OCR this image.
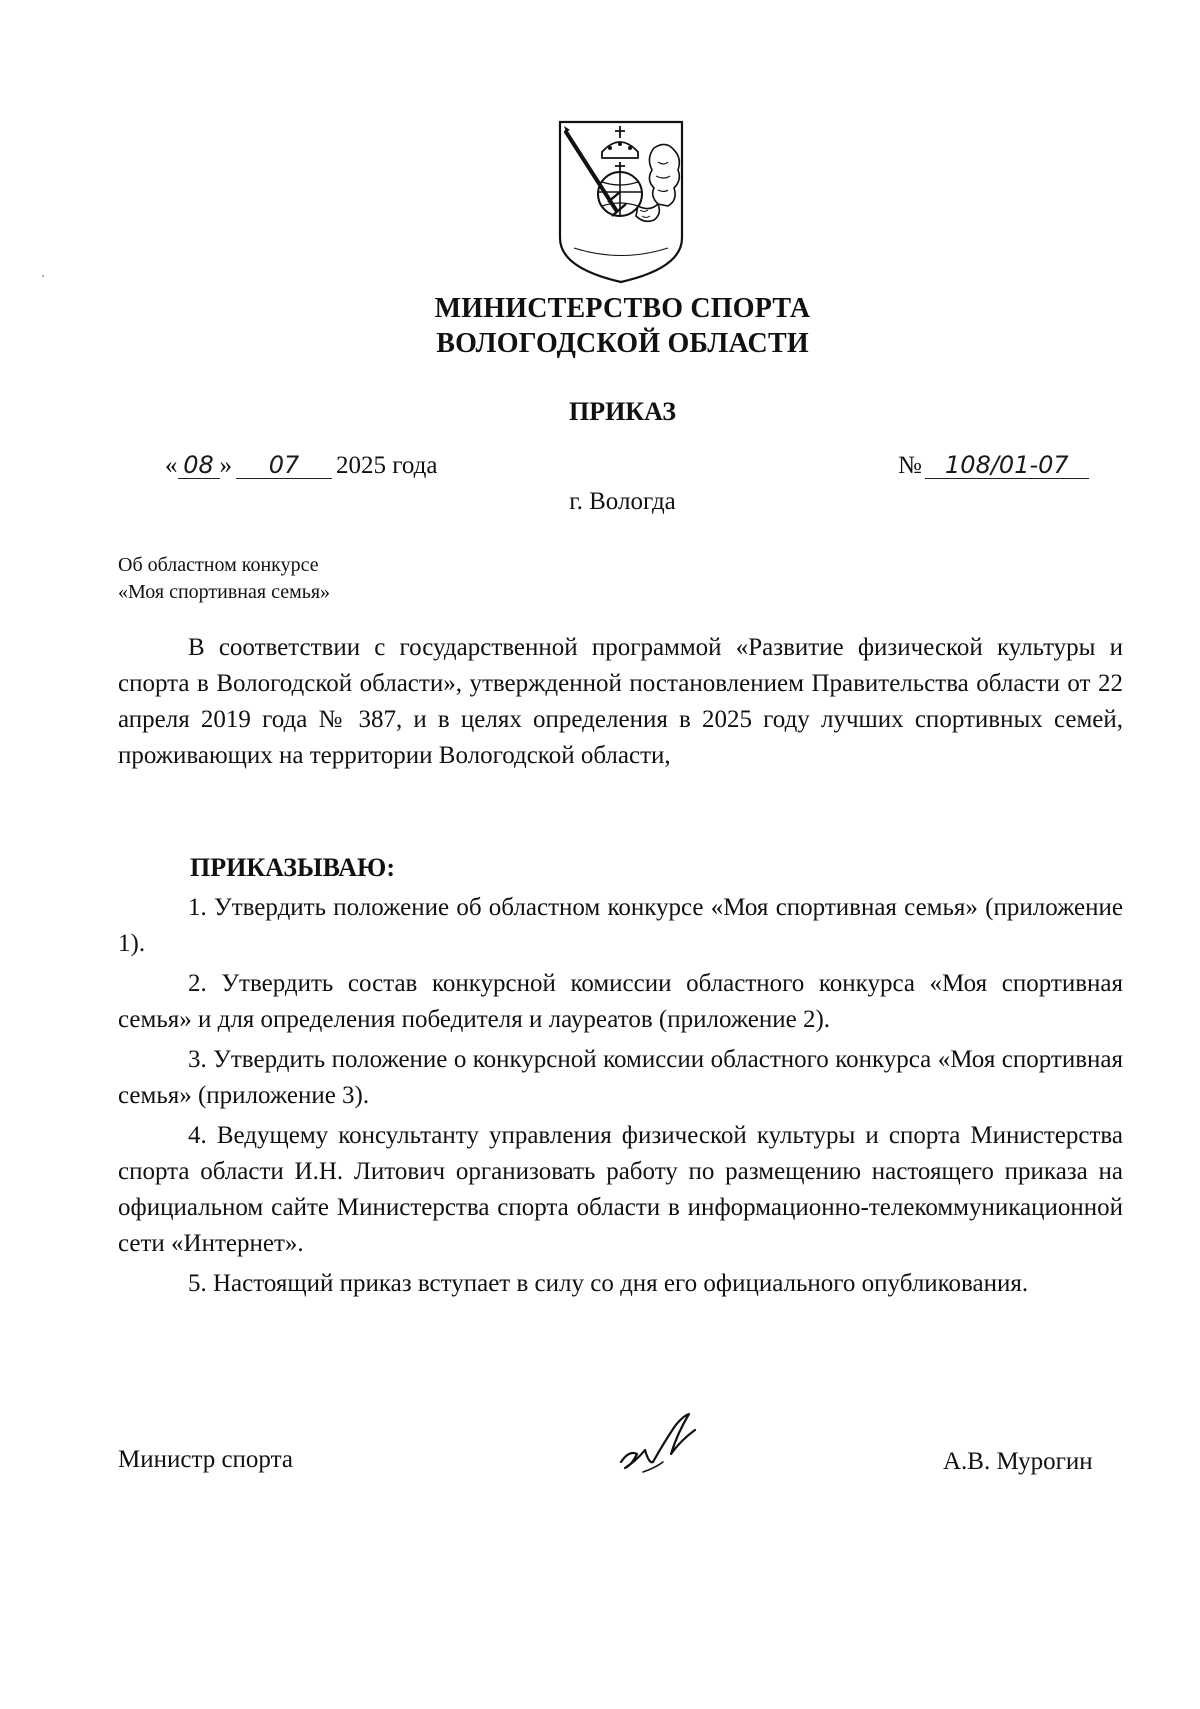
МИНИСТЕРСТВО СПОРТА
ВОЛОГОДСКОЙ ОБЛАСТИ
ПРИКАЗ
« 08 » 07 2025 года	№ 108/01-07
г. Вологда
Об областном конкурсе
«Моя спортивная семья»

В соответствии с государственной программой «Развитие физической культуры и спорта в Вологодской области», утвержденной постановлением Правительства области от 22 апреля 2019 года № 387, и в целях определения в 2025 году лучших спортивных семей, проживающих на территории Вологодской области,

ПРИКАЗЫВАЮ:
1. Утвердить положение об областном конкурсе «Моя спортивная семья» (приложение 1).
2. Утвердить состав конкурсной комиссии областного конкурса «Моя спортивная семья» и для определения победителя и лауреатов (приложение 2).
3. Утвердить положение о конкурсной комиссии областного конкурса «Моя спортивная семья» (приложение 3).
4. Ведущему консультанту управления физической культуры и спорта Министерства спорта области И.Н. Литович организовать работу по размещению настоящего приказа на официальном сайте Министерства спорта области в информационно-телекоммуникационной сети «Интернет».
5. Настоящий приказ вступает в силу со дня его официального опубликования.
Министр спорта	А.В. Мурогин
